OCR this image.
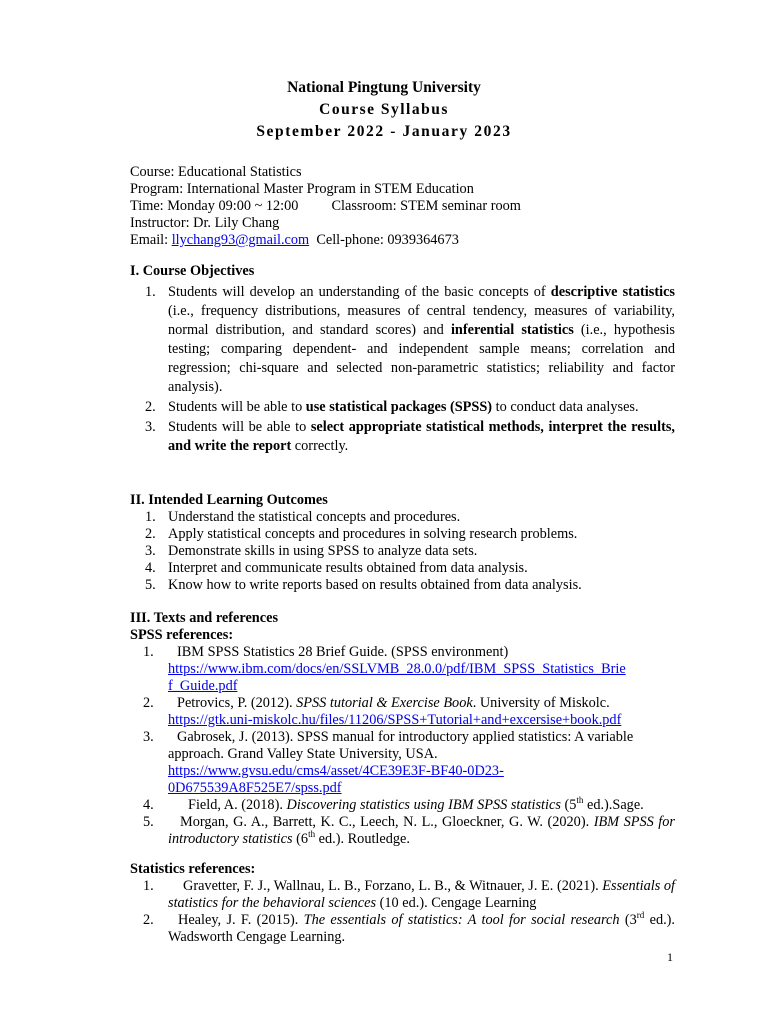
National Pingtung University
Course Syllabus
September 2022 - January 2023
Course: Educational Statistics
Program: International Master Program in STEM Education
Time: Monday 09:00 ~ 12:00 Classroom: STEM seminar room
Instructor: Dr. Lily Chang
Email: llychang93@gmail.com Cell-phone: 0939364673
I. Course Objectives
1. Students will develop an understanding of the basic concepts of descriptive statistics (i.e., frequency distributions, measures of central tendency, measures of variability, normal distribution, and standard scores) and inferential statistics (i.e., hypothesis testing; comparing dependent- and independent sample means; correlation and regression; chi-square and selected non-parametric statistics; reliability and factor analysis).
2. Students will be able to use statistical packages (SPSS) to conduct data analyses.
3. Students will be able to select appropriate statistical methods, interpret the results, and write the report correctly.
II. Intended Learning Outcomes
1. Understand the statistical concepts and procedures.
2. Apply statistical concepts and procedures in solving research problems.
3. Demonstrate skills in using SPSS to analyze data sets.
4. Interpret and communicate results obtained from data analysis.
5. Know how to write reports based on results obtained from data analysis.
III. Texts and references
SPSS references:
1.	IBM SPSS Statistics 28 Brief Guide. (SPSS environment)
https://www.ibm.com/docs/en/SSLVMB_28.0.0/pdf/IBM_SPSS_Statistics_Brie
f_Guide.pdf
2.	Petrovics, P. (2012). SPSS tutorial & Exercise Book. University of Miskolc.
https://gtk.uni-miskolc.hu/files/11206/SPSS+Tutorial+and+excersise+book.pdf
3.	Gabrosek, J. (2013). SPSS manual for introductory applied statistics: A variable approach. Grand Valley State University, USA.
https://www.gvsu.edu/cms4/asset/4CE39E3F-BF40-0D23-
0D675539A8F525E7/spss.pdf
4.	Field, A. (2018). Discovering statistics using IBM SPSS statistics (5th ed.).Sage.
5.	Morgan, G. A., Barrett, K. C., Leech, N. L., Gloeckner, G. W. (2020). IBM SPSS for introductory statistics (6th ed.). Routledge.
Statistics references:
1.	Gravetter, F. J., Wallnau, L. B., Forzano, L. B., & Witnauer, J. E. (2021). Essentials of statistics for the behavioral sciences (10 ed.). Cengage Learning
2.	Healey, J. F. (2015). The essentials of statistics: A tool for social research (3rd ed.). Wadsworth Cengage Learning.
1
